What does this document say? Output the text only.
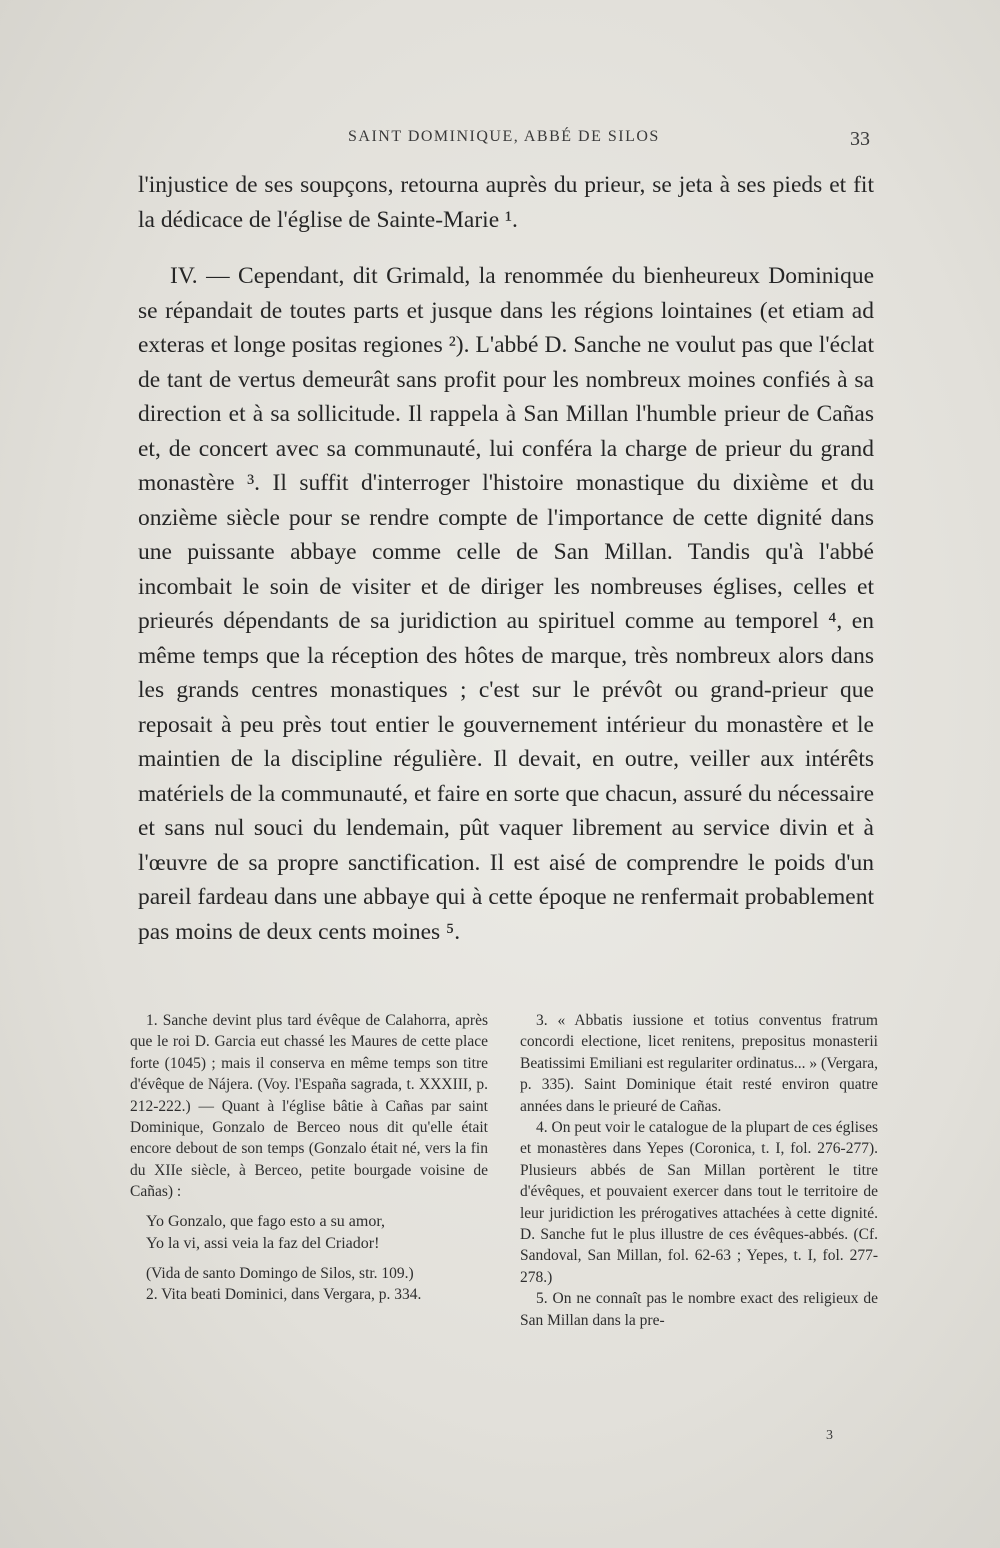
SAINT DOMINIQUE, ABBÉ DE SILOS	33

l'injustice de ses soupçons, retourna auprès du prieur, se jeta à ses pieds et fit la dédicace de l'église de Sainte-Marie ¹.

IV. — Cependant, dit Grimald, la renommée du bienheureux Dominique se répandait de toutes parts et jusque dans les régions lointaines (et etiam ad exteras et longe positas regiones ²). L'abbé D. Sanche ne voulut pas que l'éclat de tant de vertus demeurât sans profit pour les nombreux moines confiés à sa direction et à sa sollicitude. Il rappela à San Millan l'humble prieur de Cañas et, de concert avec sa communauté, lui conféra la charge de prieur du grand monastère ³. Il suffit d'interroger l'histoire monastique du dixième et du onzième siècle pour se rendre compte de l'importance de cette dignité dans une puissante abbaye comme celle de San Millan. Tandis qu'à l'abbé incombait le soin de visiter et de diriger les nombreuses églises, celles et prieurés dépendants de sa juridiction au spirituel comme au temporel ⁴, en même temps que la réception des hôtes de marque, très nombreux alors dans les grands centres monastiques ; c'est sur le prévôt ou grand-prieur que reposait à peu près tout entier le gouvernement intérieur du monastère et le maintien de la discipline régulière. Il devait, en outre, veiller aux intérêts matériels de la communauté, et faire en sorte que chacun, assuré du nécessaire et sans nul souci du lendemain, pût vaquer librement au service divin et à l'œuvre de sa propre sanctification. Il est aisé de comprendre le poids d'un pareil fardeau dans une abbaye qui à cette époque ne renfermait probablement pas moins de deux cents moines ⁵.

1. Sanche devint plus tard évêque de Calahorra, après que le roi D. Garcia eut chassé les Maures de cette place forte (1045) ; mais il conserva en même temps son titre d'évêque de Nájera. (Voy. l'España sagrada, t. XXXIII, p. 212-222.) — Quant à l'église bâtie à Cañas par saint Dominique, Gonzalo de Berceo nous dit qu'elle était encore debout de son temps (Gonzalo était né, vers la fin du XIIe siècle, à Berceo, petite bourgade voisine de Cañas) :

Yo Gonzalo, que fago esto a su amor,

Yo la vi, assi veia la faz del Criador!

(Vida de santo Domingo de Silos, str. 109.)

2. Vita beati Dominici, dans Vergara, p. 334.

3. « Abbatis iussione et totius conventus fratrum concordi electione, licet renitens, prepositus monasterii Beatissimi Emiliani est regulariter ordinatus... » (Vergara, p. 335). Saint Dominique était resté environ quatre années dans le prieuré de Cañas.

4. On peut voir le catalogue de la plupart de ces églises et monastères dans Yepes (Coronica, t. I, fol. 276-277). Plusieurs abbés de San Millan portèrent le titre d'évêques, et pouvaient exercer dans tout le territoire de leur juridiction les prérogatives attachées à cette dignité. D. Sanche fut le plus illustre de ces évêques-abbés. (Cf. Sandoval, San Millan, fol. 62-63 ; Yepes, t. I, fol. 277-278.)

5. On ne connaît pas le nombre exact des religieux de San Millan dans la pre-

3
